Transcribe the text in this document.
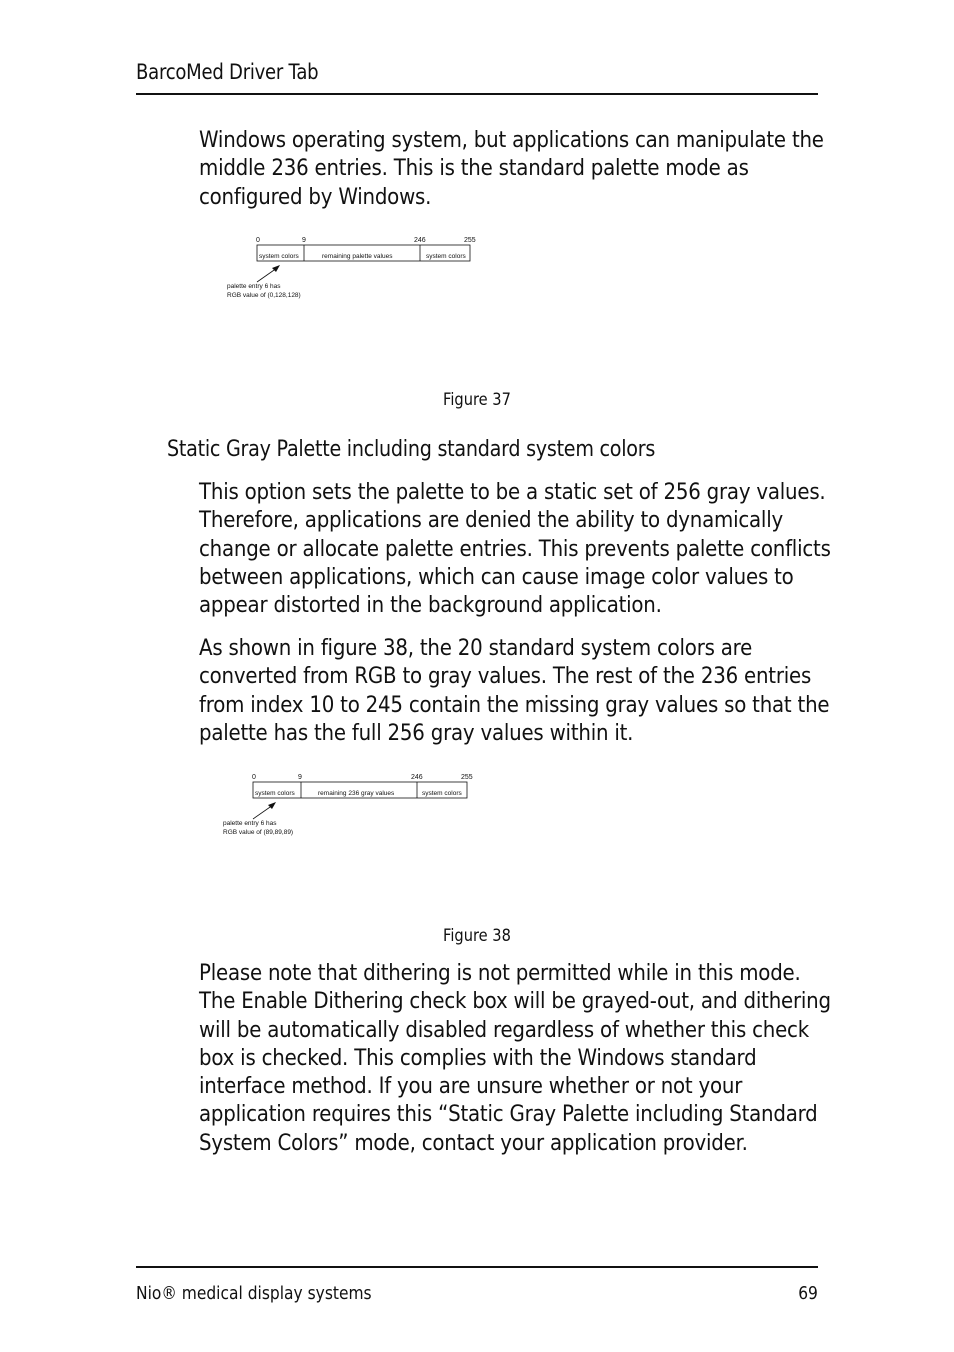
BarcoMed Driver Tab

Windows operating system, but applications can manipulate the
middle 236 entries. This is the standard palette mode as
configured by Windows.

0	9	246	255
system colors	remaining palette values	system colors
palette entry 6 has
RGB value of (0,128,128)
Figure 37
Static Gray Palette including standard system colors

This option sets the palette to be a static set of 256 gray values.
Therefore, applications are denied the ability to dynamically
change or allocate palette entries. This prevents palette conflicts
between applications, which can cause image color values to
appear distorted in the background application.

As shown in figure 38, the 20 standard system colors are
converted from RGB to gray values. The rest of the 236 entries
from index 10 to 245 contain the missing gray values so that the
palette has the full 256 gray values within it.

0	9	246	255
system colors	remaining 236 gray values	system colors
palette entry 6 has
RGB value of (89,89,89)
Figure 38

Please note that dithering is not permitted while in this mode.
The Enable Dithering check box will be grayed-out, and dithering
will be automatically disabled regardless of whether this check
box is checked. This complies with the Windows standard
interface method. If you are unsure whether or not your
application requires this “Static Gray Palette including Standard
System Colors” mode, contact your application provider.

Nio® medical display systems	69
